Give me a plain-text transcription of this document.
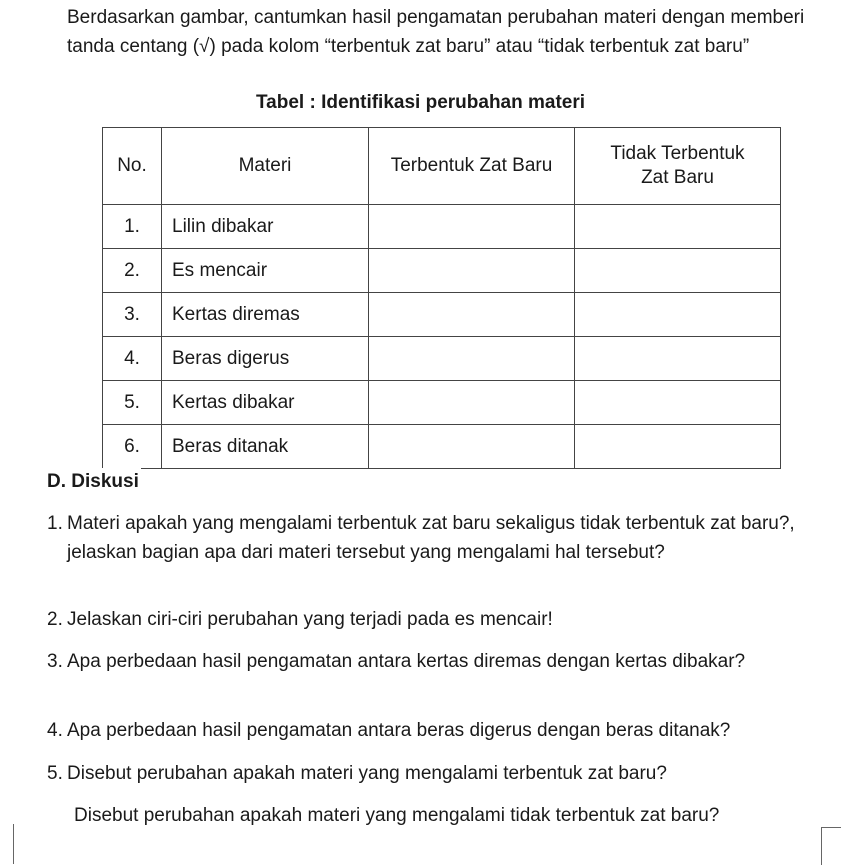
Berdasarkan gambar, cantumkan hasil pengamatan perubahan materi dengan memberi tanda centang (√) pada kolom “terbentuk zat baru” atau “tidak terbentuk zat baru”

Tabel : Identifikasi perubahan materi
No.	Materi	Terbentuk Zat Baru	Tidak Terbentuk
Zat Baru
1.	Lilin dibakar		
2.	Es mencair		
3.	Kertas diremas		
4.	Beras digerus		
5.	Kertas dibakar		
6.	Beras ditanak		
D. Diskusi
1. Materi apakah yang mengalami terbentuk zat baru sekaligus tidak terbentuk zat baru?, jelaskan bagian apa dari materi tersebut yang mengalami hal tersebut?
2. Jelaskan ciri-ciri perubahan yang terjadi pada es mencair!
3. Apa perbedaan hasil pengamatan antara kertas diremas dengan kertas dibakar?
4. Apa perbedaan hasil pengamatan antara beras digerus dengan beras ditanak?
5. Disebut perubahan apakah materi yang mengalami terbentuk zat baru?
Disebut perubahan apakah materi yang mengalami tidak terbentuk zat baru?
